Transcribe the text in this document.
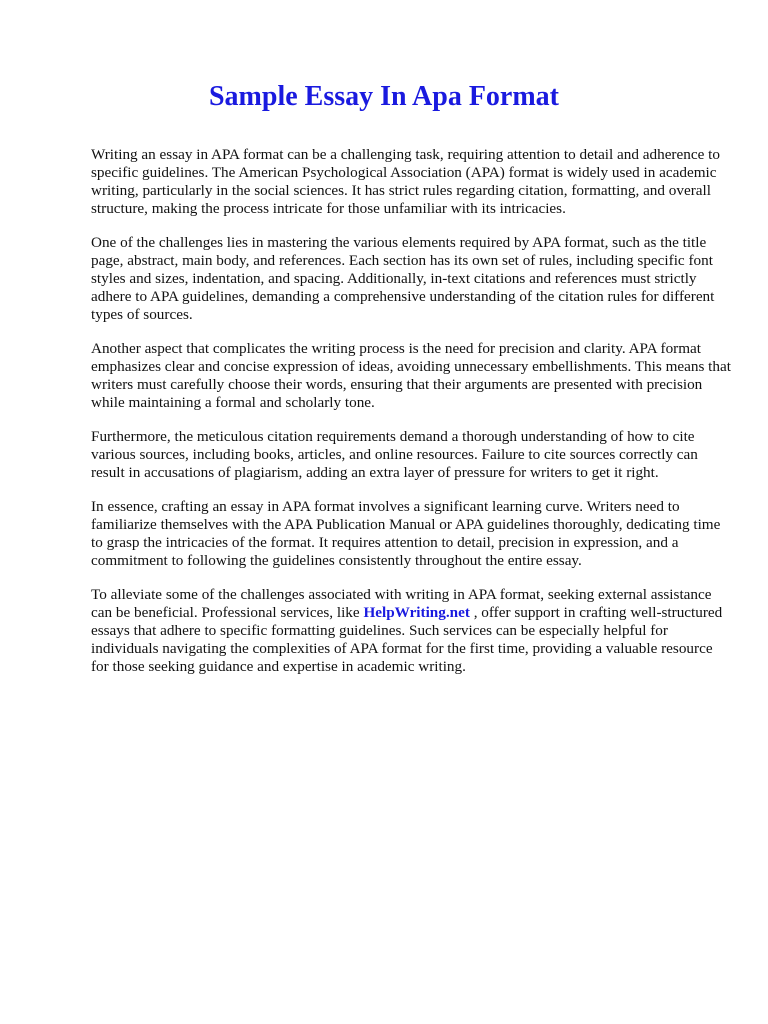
Sample Essay In Apa Format

Writing an essay in APA format can be a challenging task, requiring attention to detail and adherence to specific guidelines. The American Psychological Association (APA) format is widely used in academic writing, particularly in the social sciences. It has strict rules regarding citation, formatting, and overall structure, making the process intricate for those unfamiliar with its intricacies.

One of the challenges lies in mastering the various elements required by APA format, such as the title page, abstract, main body, and references. Each section has its own set of rules, including specific font styles and sizes, indentation, and spacing. Additionally, in-text citations and references must strictly adhere to APA guidelines, demanding a comprehensive understanding of the citation rules for different types of sources.

Another aspect that complicates the writing process is the need for precision and clarity. APA format emphasizes clear and concise expression of ideas, avoiding unnecessary embellishments. This means that writers must carefully choose their words, ensuring that their arguments are presented with precision while maintaining a formal and scholarly tone.

Furthermore, the meticulous citation requirements demand a thorough understanding of how to cite various sources, including books, articles, and online resources. Failure to cite sources correctly can result in accusations of plagiarism, adding an extra layer of pressure for writers to get it right.

In essence, crafting an essay in APA format involves a significant learning curve. Writers need to familiarize themselves with the APA Publication Manual or APA guidelines thoroughly, dedicating time to grasp the intricacies of the format. It requires attention to detail, precision in expression, and a commitment to following the guidelines consistently throughout the entire essay.

To alleviate some of the challenges associated with writing in APA format, seeking external assistance can be beneficial. Professional services, like HelpWriting.net , offer support in crafting well-structured essays that adhere to specific formatting guidelines. Such services can be especially helpful for individuals navigating the complexities of APA format for the first time, providing a valuable resource for those seeking guidance and expertise in academic writing.
